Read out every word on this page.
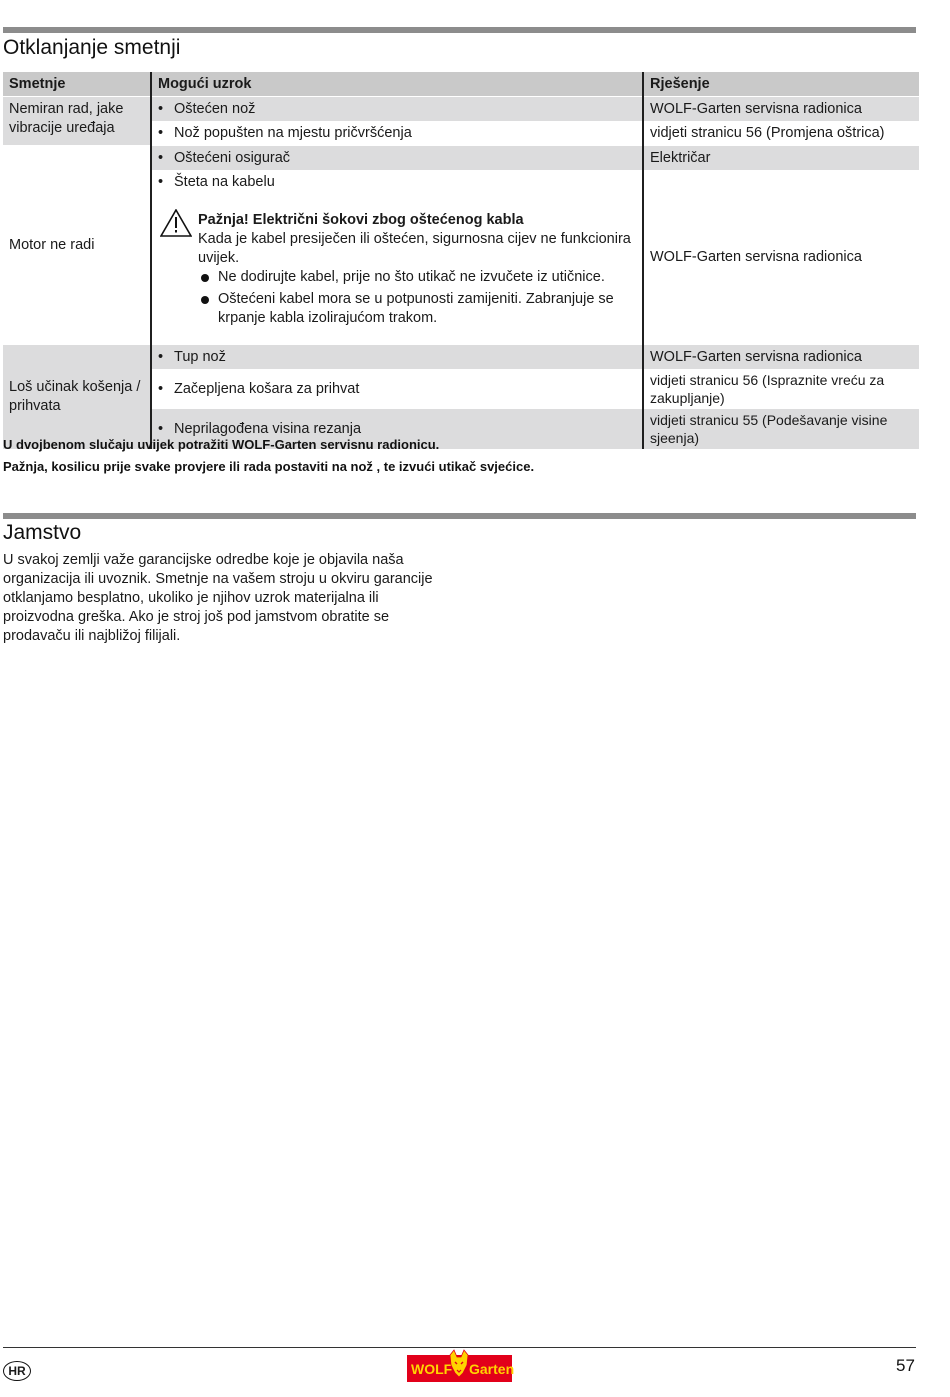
Otklanjanje smetnji
Smetnje	Mogući uzrok	Rješenje
Nemiran rad, jake vibracije uređaja	• Oštećen nož	WOLF-Garten servisna radionica
	• Nož popušten na mjestu pričvršćenja	vidjeti stranicu 56 (Promjena oštrica)
Motor ne radi	• Oštećeni osigurač	Električar
	• Šteta na kabelu	WOLF-Garten servisna radionica

	Pažnja! Električni šokovi zbog oštećenog kabla
Kada je kabel presiječen ili oštećen, sigurnosna cijev ne funkcionira uvijek.
Ne dodirujte kabel, prije no što utikač ne izvučete iz utičnice.
Oštećeni kabel mora se u potpunosti zamijeniti. Zabranjuje se krpanje kabla izolirajućom trakom.	

Loš učinak košenja / prihvata	• Tup nož	WOLF-Garten servisna radionica
	• Začepljena košara za prihvat	vidjeti stranicu 56 (Ispraznite vreću za zakupljanje)
	• Neprilagođena visina rezanja	vidjeti stranicu 55 (Podešavanje visine sjeenja)
U dvojbenom slučaju uvijek potražiti WOLF-Garten servisnu radionicu.
Pažnja, kosilicu prije svake provjere ili rada postaviti na nož , te izvući utikač svjećice.
Jamstvo
U svakoj zemlji važe garancijske odredbe koje je objavila naša organizacija ili uvoznik. Smetnje na vašem stroju u okviru garancije otklanjamo besplatno, ukoliko je njihov uzrok materijalna ili proizvodna greška. Ako je stroj još pod jamstvom obratite se prodavaču ili najbližoj filijali.
HR	WOLF Garten	57
